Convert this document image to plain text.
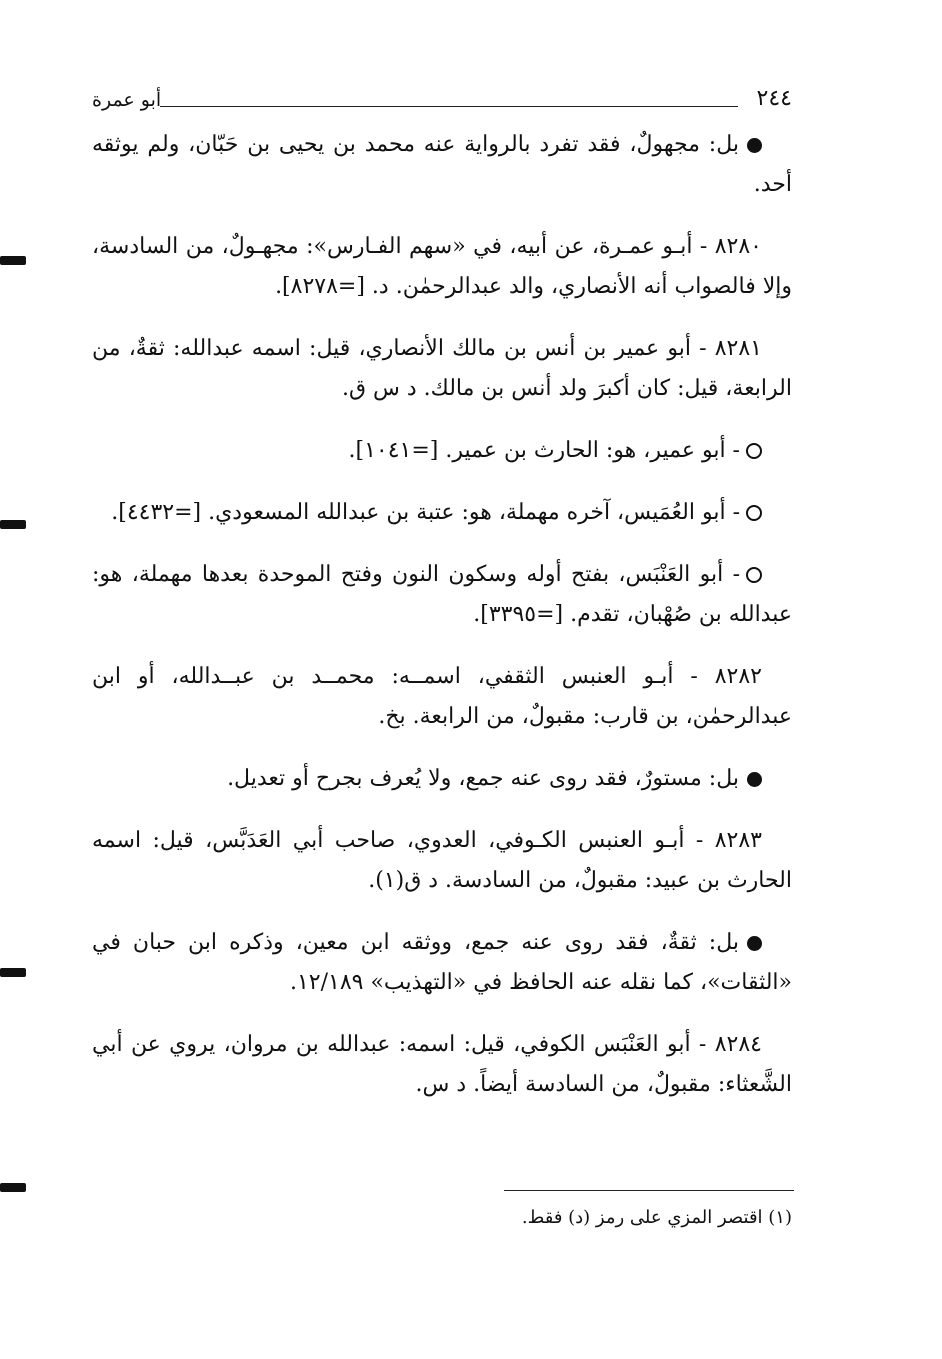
٢٤٤
أبو عمرة

بل: مجهولٌ، فقد تفرد بالرواية عنه محمد بن يحيى بن حَبّان، ولم يوثقه أحد.

٨٢٨٠ - أبـو عمـرة، عن أبيه، في «سهم الفـارس»: مجهـولٌ، من السادسة، وإلا فالصواب أنه الأنصاري، والد عبدالرحمٰن. د. [=٨٢٧٨].

٨٢٨١ - أبو عمير بن أنس بن مالك الأنصاري، قيل: اسمه عبدالله: ثقةٌ، من الرابعة، قيل: كان أكبرَ ولد أنس بن مالك. د س ق.

- أبو عمير، هو: الحارث بن عمير. [=١٠٤١].

- أبو العُمَيس، آخره مهملة، هو: عتبة بن عبدالله المسعودي. [=٤٤٣٢].

- أبو العَنْبَس، بفتح أوله وسكون النون وفتح الموحدة بعدها مهملة، هو: عبدالله بن صُهْبان، تقدم. [=٣٣٩٥].

٨٢٨٢ - أبـو العنبس الثقفي، اسمــه: محمــد بن عبــدالله، أو ابن عبدالرحمٰن، بن قارب: مقبولٌ، من الرابعة. بخ.

بل: مستورٌ، فقد روى عنه جمع، ولا يُعرف بجرح أو تعديل.

٨٢٨٣ - أبـو العنبس الكـوفي، العدوي، صاحب أبي العَدَبَّس، قيل: اسمه الحارث بن عبيد: مقبولٌ، من السادسة. د ق(١).

بل: ثقةٌ، فقد روى عنه جمع، ووثقه ابن معين، وذكره ابن حبان في «الثقات»، كما نقله عنه الحافظ في «التهذيب» ١٢/١٨٩.

٨٢٨٤ - أبو العَنْبَس الكوفي، قيل: اسمه: عبدالله بن مروان، يروي عن أبي الشَّعثاء: مقبولٌ، من السادسة أيضاً. د س.

(١) اقتصر المزي على رمز (د) فقط.
